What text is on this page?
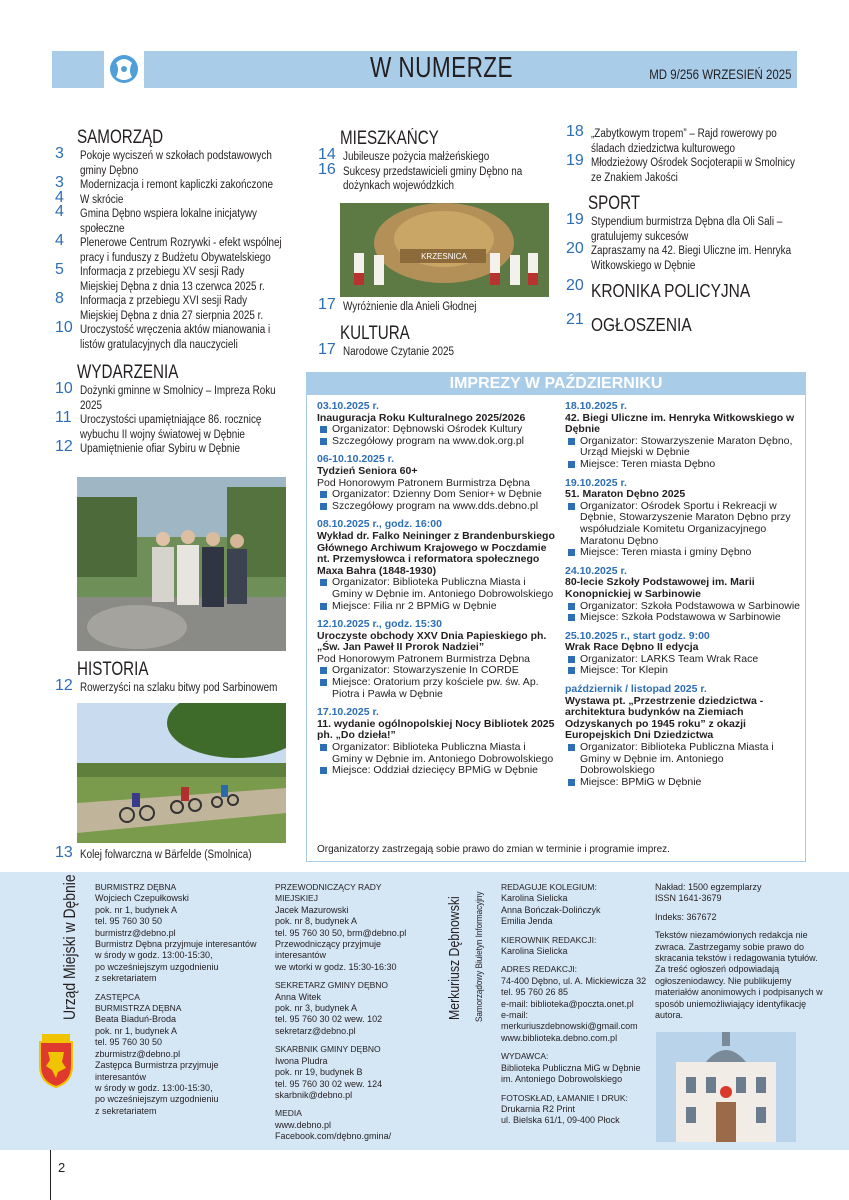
W NUMERZE	MD 9/256 WRZESIEŃ 2025
SAMORZĄD
3	Pokoje wyciszeń w szkołach podstawowych gminy Dębno
3	Modernizacja i remont kapliczki zakończone
4	W skrócie
4	Gmina Dębno wspiera lokalne inicjatywy społeczne
4	Plenerowe Centrum Rozrywki - efekt wspólnej pracy i funduszy z Budżetu Obywatelskiego
5	Informacja z przebiegu XV sesji Rady Miejskiej Dębna z dnia 13 czerwca 2025 r.
8	Informacja z przebiegu XVI sesji Rady Miejskiej Dębna z dnia 27 sierpnia 2025 r.
10 Uroczystość wręczenia aktów mianowania i listów gratulacyjnych dla nauczycieli
WYDARZENIA
10 Dożynki gminne w Smolnicy – Impreza Roku 2025
11 Uroczystości upamiętniające 86. rocznicę wybuchu II wojny światowej w Dębnie
12 Upamiętnienie ofiar Sybiru w Dębnie
HISTORIA
12 Rowerzyści na szlaku bitwy pod Sarbinowem
13 Kolej folwarczna w Bärfelde (Smolnica)
MIESZKAŃCY
14 Jubileusze pożycia małżeńskiego
16 Sukcesy przedstawicieli gminy Dębno na dożynkach wojewódzkich
KRZESNICA
17 Wyróżnienie dla Anieli Głodnej
KULTURA
17 Narodowe Czytanie 2025
18 „Zabytkowym tropem” – Rajd rowerowy po śladach dziedzictwa kulturowego
19 Młodzieżowy Ośrodek Socjoterapii w Smolnicy ze Znakiem Jakości
SPORT
19 Stypendium burmistrza Dębna dla Oli Sali – gratulujemy sukcesów
20 Zapraszamy na 42. Biegi Uliczne im. Henryka Witkowskiego w Dębnie
20 KRONIKA POLICYJNA
21 OGŁOSZENIA
IMPREZY W PAŹDZIERNIKU
03.10.2025 r.
Inauguracja Roku Kulturalnego 2025/2026
Organizator: Dębnowski Ośrodek Kultury
Szczegółowy program na www.dok.org.pl
06-10.10.2025 r.
Tydzień Seniora 60+
Pod Honorowym Patronem Burmistrza Dębna
Organizator: Dzienny Dom Senior+ w Dębnie
Szczegółowy program na www.dds.debno.pl
08.10.2025 r., godz. 16:00
Wykład dr. Falko Neininger z Brandenburskiego Głównego Archiwum Krajowego w Poczdamie nt. Przemysłowca i reformatora społecznego Maxa Bahra (1848-1930)
Organizator: Biblioteka Publiczna Miasta i Gminy w Dębnie im. Antoniego Dobrowolskiego
Miejsce: Filia nr 2 BPMiG w Dębnie
12.10.2025 r., godz. 15:30
Uroczyste obchody XXV Dnia Papieskiego ph. „Św. Jan Paweł II Prorok Nadziei”
Pod Honorowym Patronem Burmistrza Dębna
Organizator: Stowarzyszenie In CORDE
Miejsce: Oratorium przy kościele pw. św. Ap. Piotra i Pawła w Dębnie
17.10.2025 r.
11. wydanie ogólnopolskiej Nocy Bibliotek 2025 ph. „Do dzieła!”
Organizator: Biblioteka Publiczna Miasta i Gminy w Dębnie im. Antoniego Dobrowolskiego
Miejsce: Oddział dziecięcy BPMiG w Dębnie
18.10.2025 r.
42. Biegi Uliczne im. Henryka Witkowskiego w Dębnie
Organizator: Stowarzyszenie Maraton Dębno, Urząd Miejski w Dębnie
Miejsce: Teren miasta Dębno
19.10.2025 r.
51. Maraton Dębno 2025
Organizator: Ośrodek Sportu i Rekreacji w Dębnie, Stowarzyszenie Maraton Dębno przy współudziale Komitetu Organizacyjnego Maratonu Dębno
Miejsce: Teren miasta i gminy Dębno
24.10.2025 r.
80-lecie Szkoły Podstawowej im. Marii Konopnickiej w Sarbinowie
Organizator: Szkoła Podstawowa w Sarbinowie
Miejsce: Szkoła Podstawowa w Sarbinowie
25.10.2025 r., start godz. 9:00
Wrak Race Dębno II edycja
Organizator: LARKS Team Wrak Race
Miejsce: Tor Klepin
październik / listopad 2025 r.
Wystawa pt. „Przestrzenie dziedzictwa - architektura budynków na Ziemiach Odzyskanych po 1945 roku” z okazji Europejskich Dni Dziedzictwa
Organizator: Biblioteka Publiczna Miasta i Gminy w Dębnie im. Antoniego Dobrowolskiego
Miejsce: BPMiG w Dębnie
Organizatorzy zastrzegają sobie prawo do zmian w terminie i programie imprez.
Urząd Miejski w Dębnie BURMISTRZ DĘBNA
Wojciech Czepułkowski
pok. nr 1, budynek A
tel. 95 760 30 50
burmistrz@debno.pl
Burmistrz Dębna przyjmuje interesantów
w środy w godz. 13:00-15:30,
po wcześniejszym uzgodnieniu
z sekretariatem
ZASTĘPCA
BURMISTRZA DĘBNA
Beata Biaduń-Broda
pok. nr 1, budynek A
tel. 95 760 30 50
zburmistrz@debno.pl
Zastępca Burmistrza przyjmuje interesantów
w środy w godz. 13:00-15:30,
po wcześniejszym uzgodnieniu
z sekretariatem
PRZEWODNICZĄCY RADY MIEJSKIEJ
Jacek Mazurowski
pok. nr 8, budynek A
tel. 95 760 30 50, brm@debno.pl
Przewodniczący przyjmuje interesantów
we wtorki w godz. 15:30-16:30
SEKRETARZ GMINY DĘBNO
Anna Witek
pok. nr 3, budynek A
tel. 95 760 30 02 wew. 102
sekretarz@debno.pl
SKARBNIK GMINY DĘBNO
Iwona Pludra
pok. nr 19, budynek B
tel. 95 760 30 02 wew. 124
skarbnik@debno.pl
MEDIA
www.debno.pl
Facebook.com/dębno.gmina/
Merkuriusz Dębnowski Samorządowy Biuletyn Informacyjny
REDAGUJE KOLEGIUM:
Karolina Sielicka
Anna Bończak-Dolińczyk
Emilia Jenda
KIEROWNIK REDAKCJI:
Karolina Sielicka
ADRES REDAKCJI:
74-400 Dębno, ul. A. Mickiewicza 32
tel. 95 760 26 85
e-mail: biblioteka@poczta.onet.pl
e-mail: merkuriuszdebnowski@gmail.com
www.biblioteka.debno.com.pl
WYDAWCA:
Biblioteka Publiczna MiG w Dębnie
im. Antoniego Dobrowolskiego
FOTOSKŁAD, ŁAMANIE I DRUK:
Drukarnia R2 Print
ul. Bielska 61/1, 09-400 Płock
Nakład: 1500 egzemplarzy
ISSN 1641-3679
Indeks: 367672
Tekstów niezamówionych redakcja nie zwraca. Zastrzegamy sobie prawo do skracania tekstów i redagowania tytułów. Za treść ogłoszeń odpowiadają ogłoszeniodawcy. Nie publikujemy materiałów anonimowych i podpisanych w sposób uniemożliwiający identyfikację autora.
2
